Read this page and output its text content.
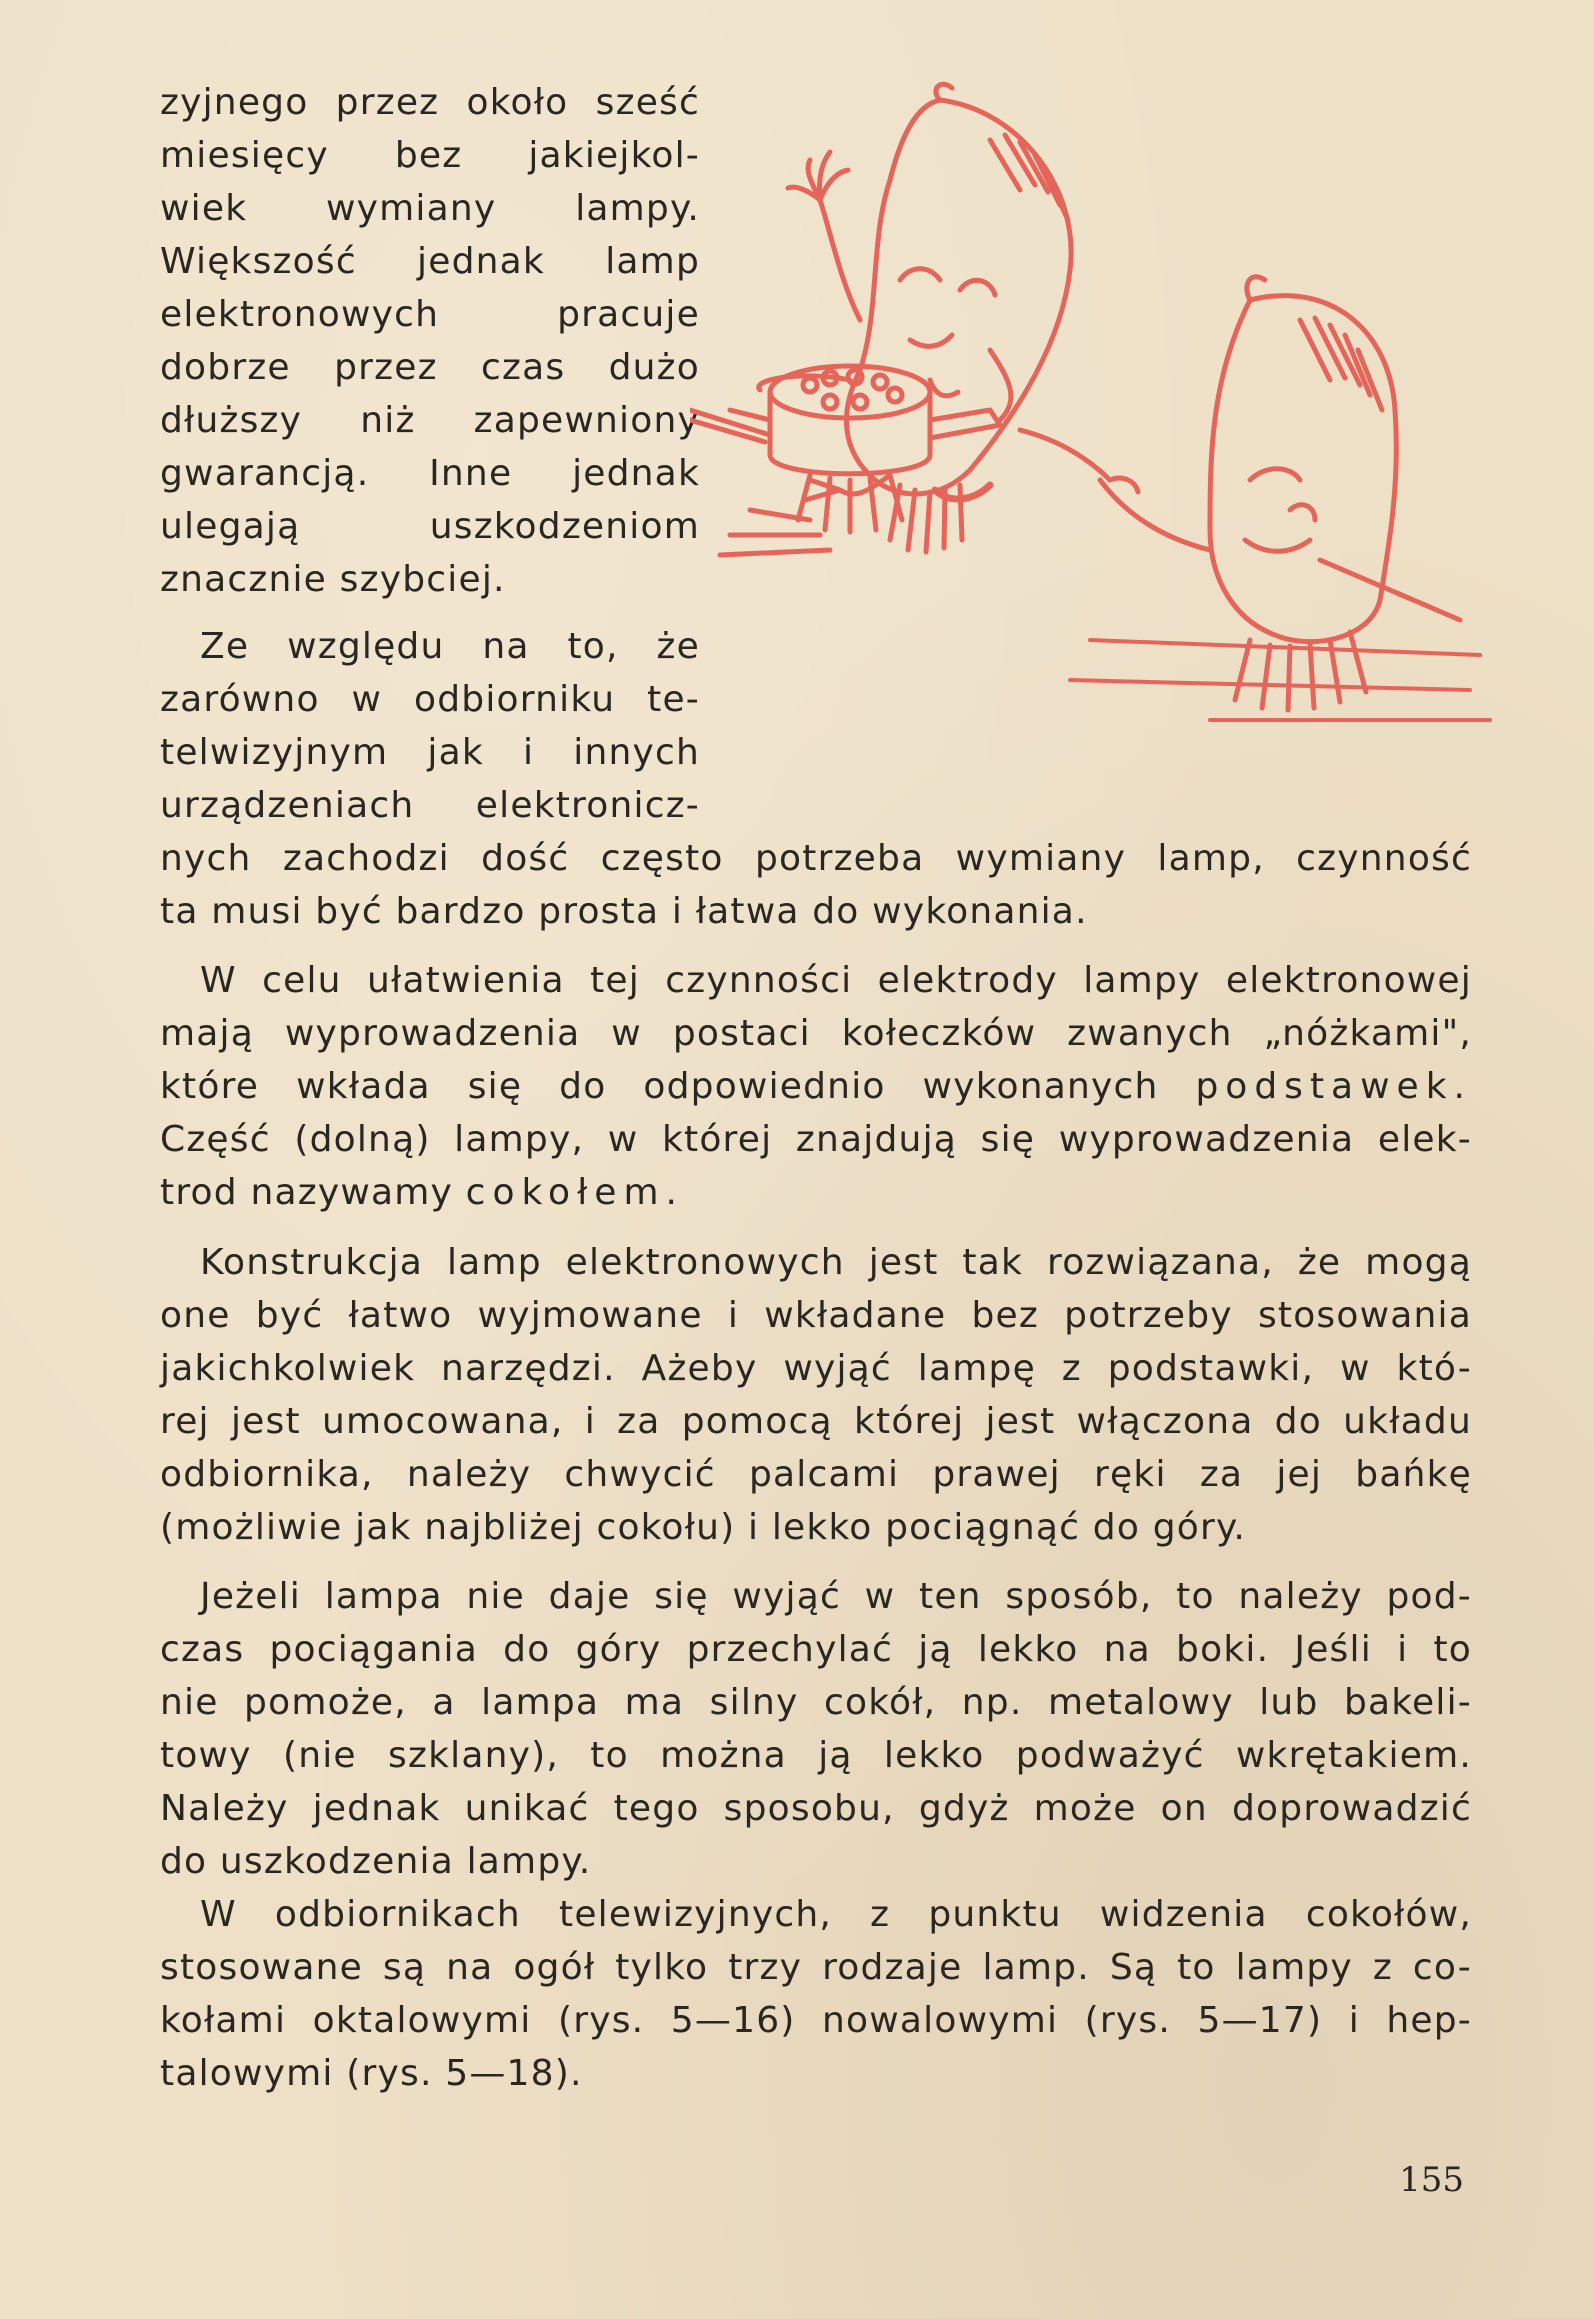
zyjnego przez około sześć
miesięcy bez jakiejkol-
wiek wymiany lampy.
Większość jednak lamp
elektronowych pracuje
dobrze przez czas dużo
dłuższy niż zapewniony
gwarancją. Inne jednak
ulegają uszkodzeniom
znacznie szybciej.
Ze względu na to, że
zarówno w odbiorniku te-
telwizyjnym jak i innych
urządzeniach elektronicz-
nych zachodzi dość często potrzeba wymiany lamp, czynność
ta musi być bardzo prosta i łatwa do wykonania.
W celu ułatwienia tej czynności elektrody lampy elektronowej
mają wyprowadzenia w postaci kołeczków zwanych „nóżkami",
które wkłada się do odpowiednio wykonanych podstawek.
Część (dolną) lampy, w której znajdują się wyprowadzenia elek-
trod nazywamy cokołem.
Konstrukcja lamp elektronowych jest tak rozwiązana, że mogą
one być łatwo wyjmowane i wkładane bez potrzeby stosowania
jakichkolwiek narzędzi. Ażeby wyjąć lampę z podstawki, w któ-
rej jest umocowana, i za pomocą której jest włączona do układu
odbiornika, należy chwycić palcami prawej ręki za jej bańkę
(możliwie jak najbliżej cokołu) i lekko pociągnąć do góry.
Jeżeli lampa nie daje się wyjąć w ten sposób, to należy pod-
czas pociągania do góry przechylać ją lekko na boki. Jeśli i to
nie pomoże, a lampa ma silny cokół, np. metalowy lub bakeli-
towy (nie szklany), to można ją lekko podważyć wkrętakiem.
Należy jednak unikać tego sposobu, gdyż może on doprowadzić
do uszkodzenia lampy.
W odbiornikach telewizyjnych, z punktu widzenia cokołów,
stosowane są na ogół tylko trzy rodzaje lamp. Są to lampy z co-
kołami oktalowymi (rys. 5—16) nowalowymi (rys. 5—17) i hep-
talowymi (rys. 5—18).
155
